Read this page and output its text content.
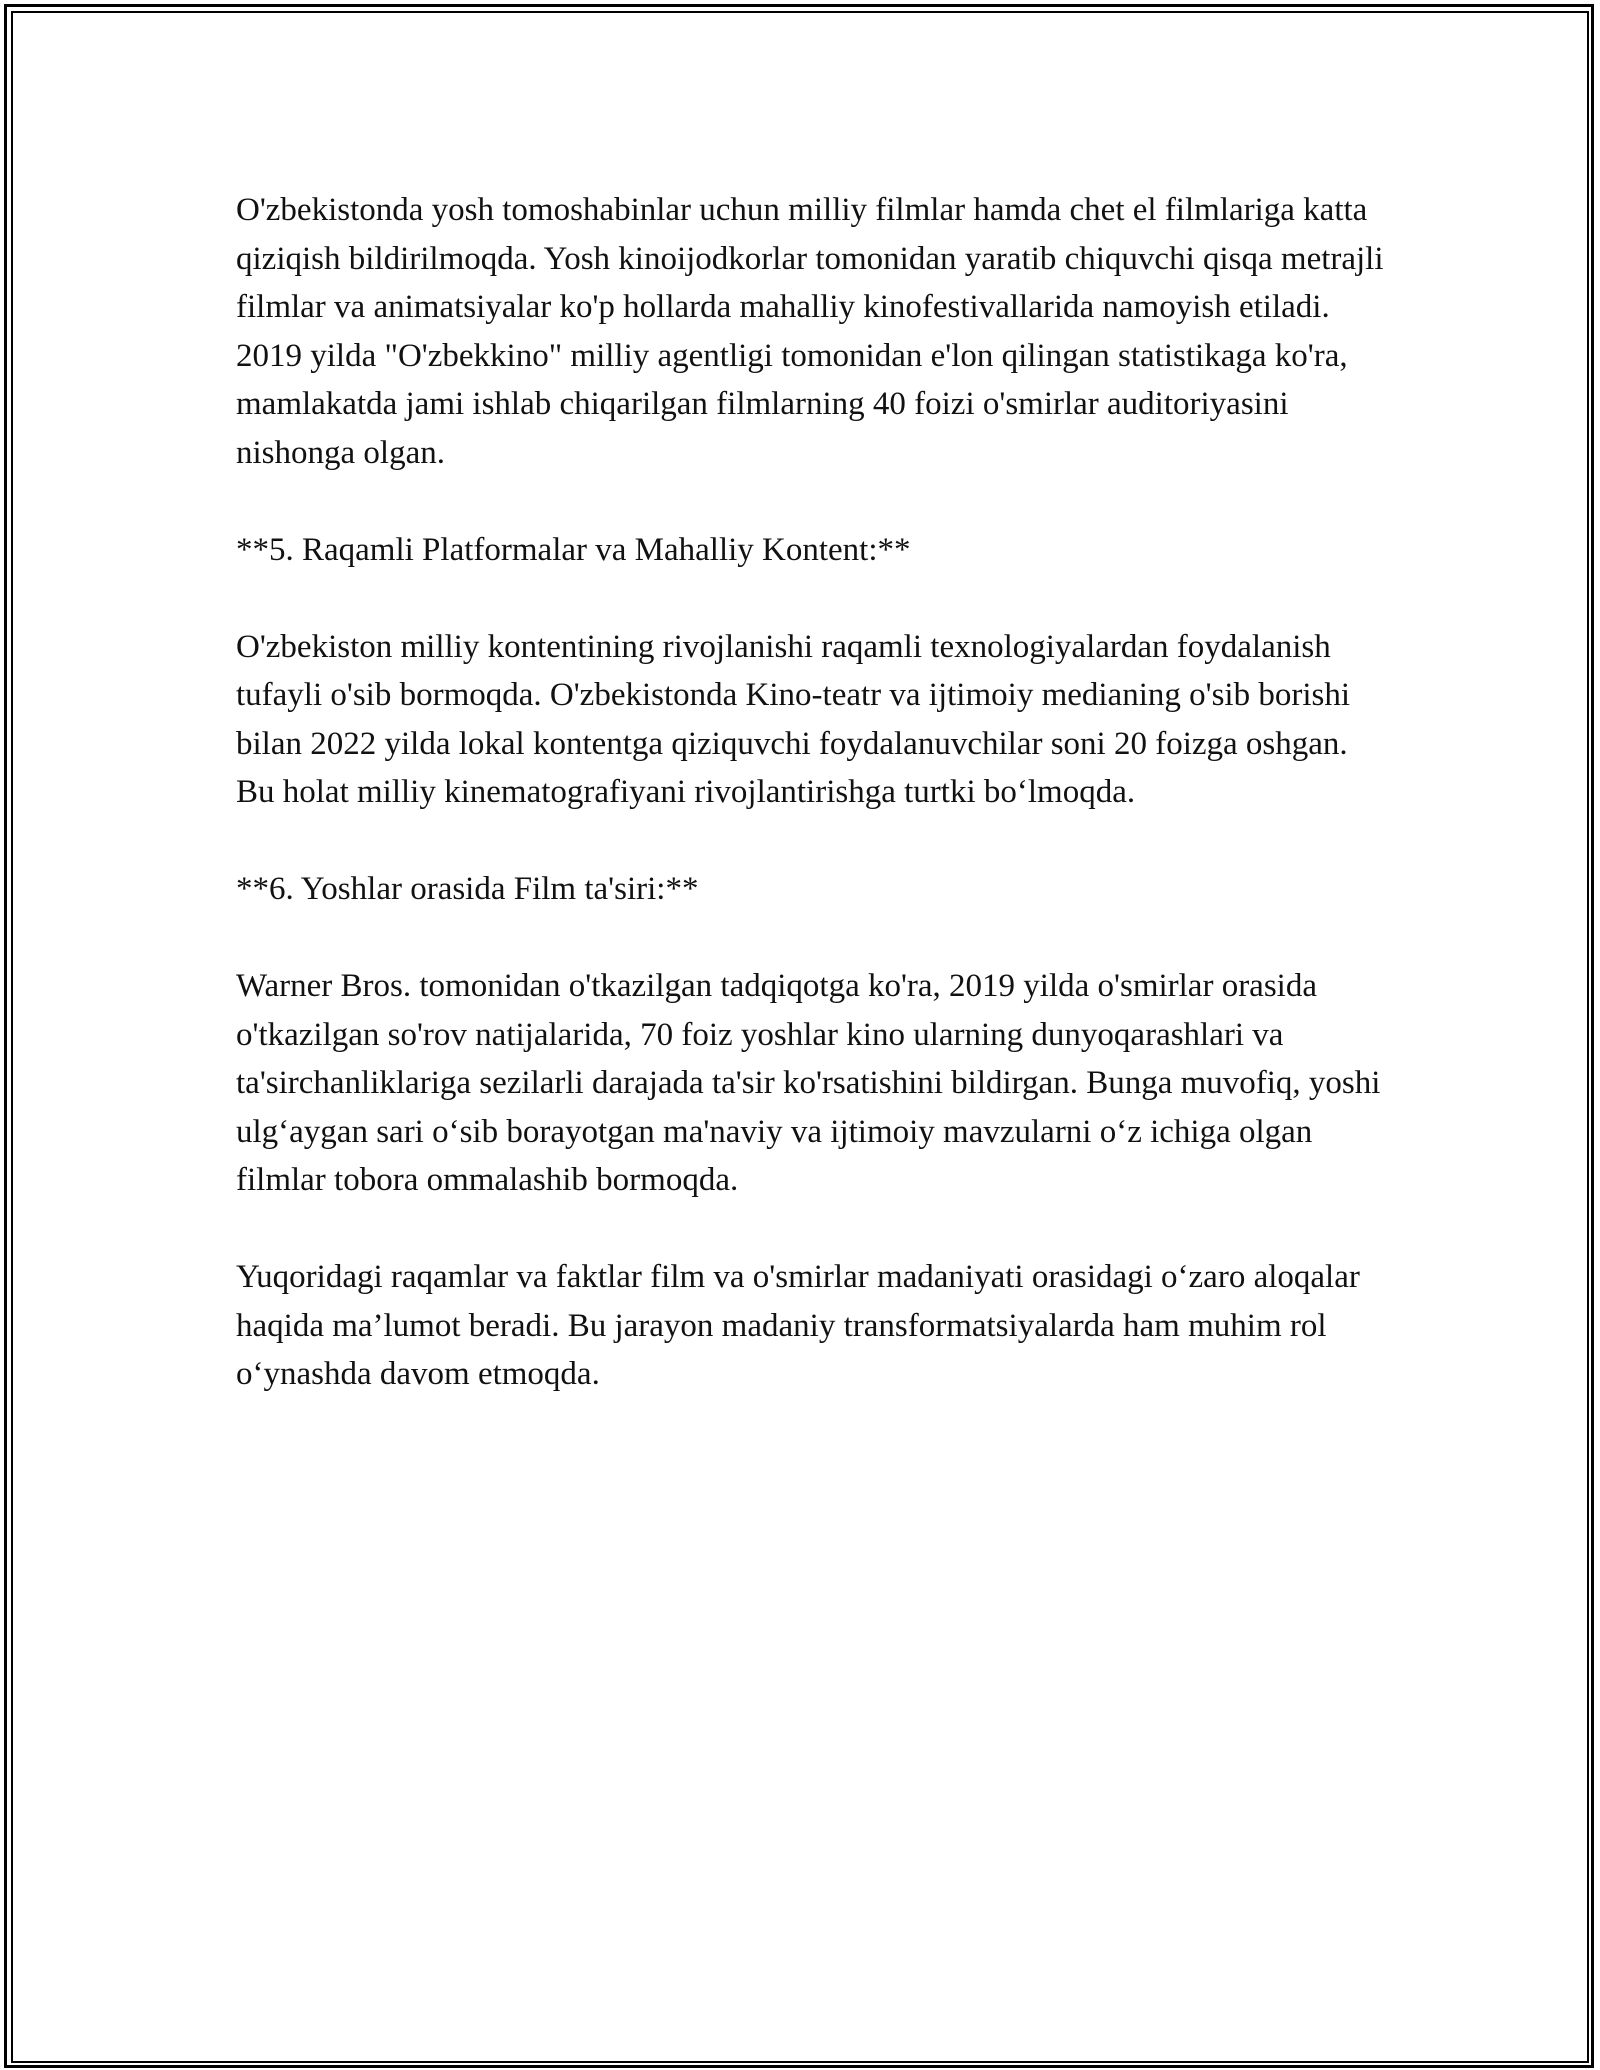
O'zbekistonda yosh tomoshabinlar uchun milliy filmlar hamda chet el filmlariga katta qiziqish bildirilmoqda. Yosh kinoijodkorlar tomonidan yaratib chiquvchi qisqa metrajli filmlar va animatsiyalar ko'p hollarda mahalliy kinofestivallarida namoyish etiladi. 2019 yilda "O'zbekkino" milliy agentligi tomonidan e'lon qilingan statistikaga ko'ra, mamlakatda jami ishlab chiqarilgan filmlarning 40 foizi o'smirlar auditoriyasini nishonga olgan.

**5. Raqamli Platformalar va Mahalliy Kontent:**

O'zbekiston milliy kontentining rivojlanishi raqamli texnologiyalardan foydalanish tufayli o'sib bormoqda. O'zbekistonda Kino-teatr va ijtimoiy medianing o'sib borishi bilan 2022 yilda lokal kontentga qiziquvchi foydalanuvchilar soni 20 foizga oshgan. Bu holat milliy kinematografiyani rivojlantirishga turtki bo‘lmoqda.

**6. Yoshlar orasida Film ta'siri:**

Warner Bros. tomonidan o'tkazilgan tadqiqotga ko'ra, 2019 yilda o'smirlar orasida o'tkazilgan so'rov natijalarida, 70 foiz yoshlar kino ularning dunyoqarashlari va ta'sirchanliklariga sezilarli darajada ta'sir ko'rsatishini bildirgan. Bunga muvofiq, yoshi ulg‘aygan sari o‘sib borayotgan ma'naviy va ijtimoiy mavzularni o‘z ichiga olgan filmlar tobora ommalashib bormoqda.

Yuqoridagi raqamlar va faktlar film va o'smirlar madaniyati orasidagi o‘zaro aloqalar haqida ma’lumot beradi. Bu jarayon madaniy transformatsiyalarda ham muhim rol o‘ynashda davom etmoqda.
